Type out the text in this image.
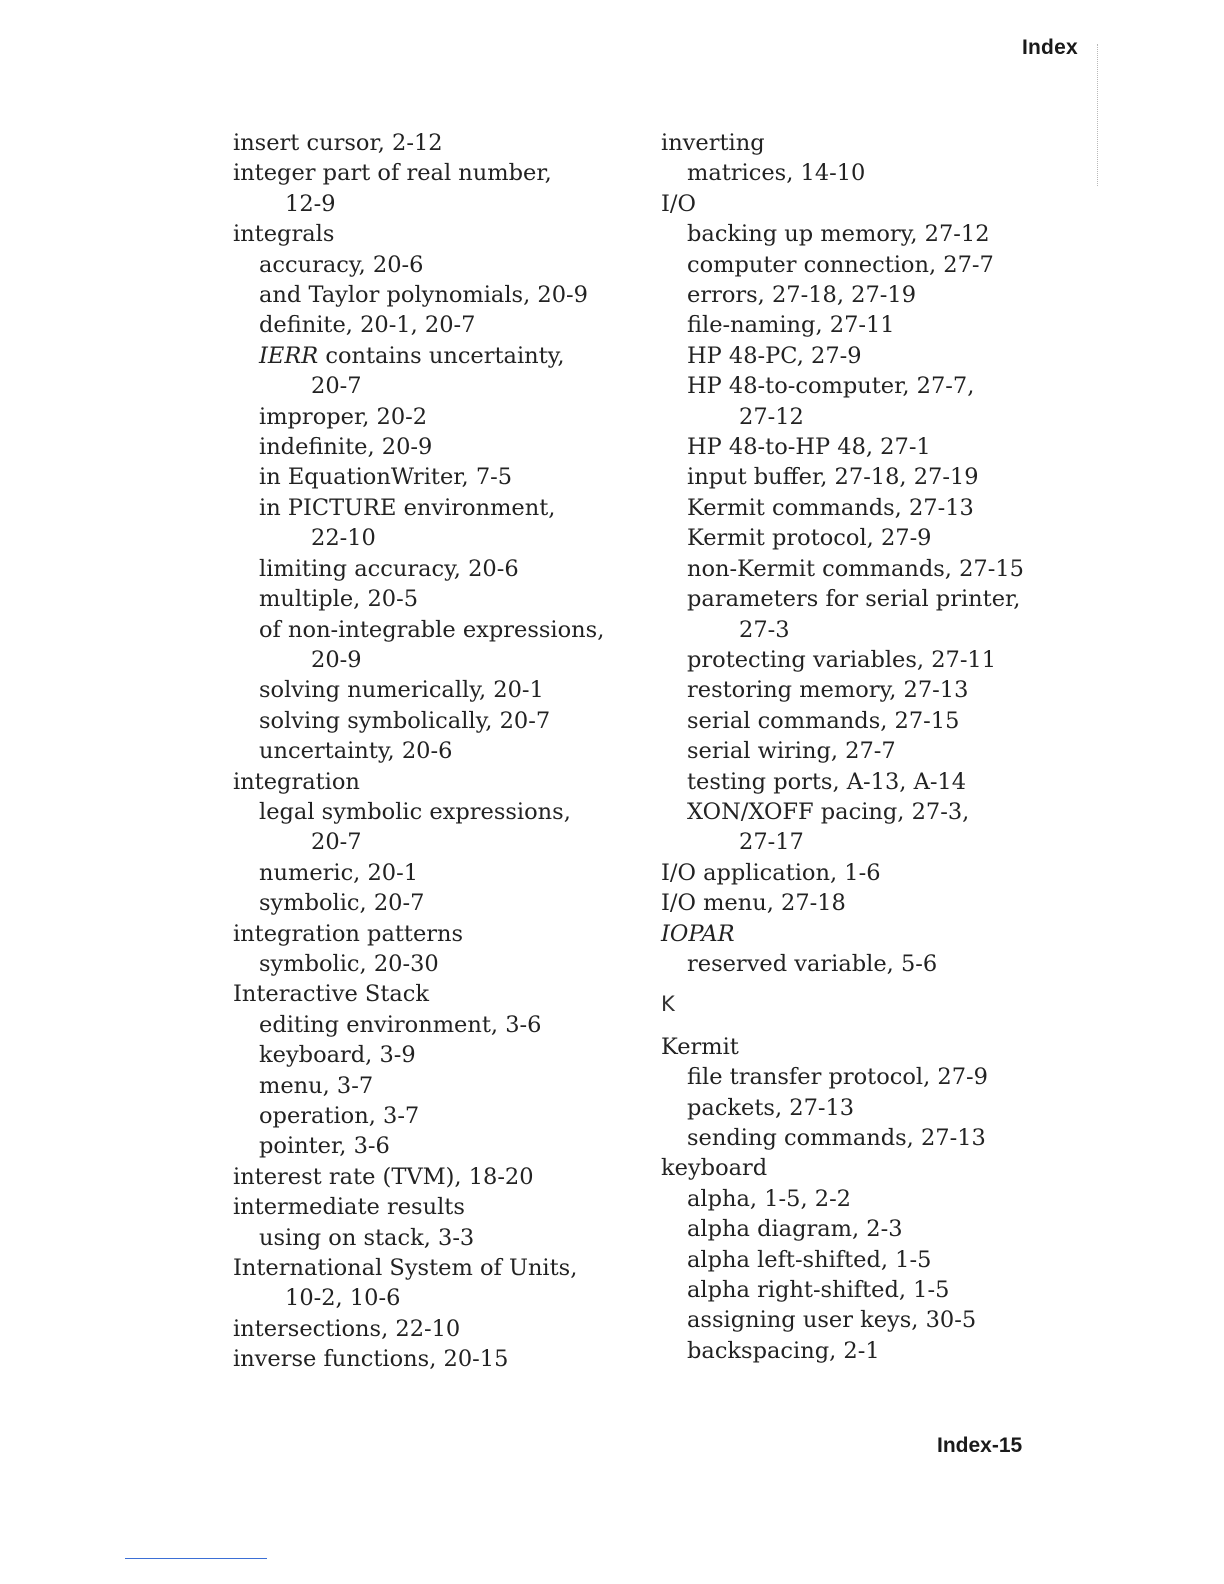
Index
insert cursor, 2-12
integer part of real number,
12-9
integrals
accuracy, 20-6
and Taylor polynomials, 20-9
definite, 20-1, 20-7
IERR contains uncertainty,
20-7
improper, 20-2
indefinite, 20-9
in EquationWriter, 7-5
in PICTURE environment,
22-10
limiting accuracy, 20-6
multiple, 20-5
of non-integrable expressions,
20-9
solving numerically, 20-1
solving symbolically, 20-7
uncertainty, 20-6
integration
legal symbolic expressions,
20-7
numeric, 20-1
symbolic, 20-7
integration patterns
symbolic, 20-30
Interactive Stack
editing environment, 3-6
keyboard, 3-9
menu, 3-7
operation, 3-7
pointer, 3-6
interest rate (TVM), 18-20
intermediate results
using on stack, 3-3
International System of Units,
10-2, 10-6
intersections, 22-10
inverse functions, 20-15
inverting
matrices, 14-10
I/O
backing up memory, 27-12
computer connection, 27-7
errors, 27-18, 27-19
file-naming, 27-11
HP 48-PC, 27-9
HP 48-to-computer, 27-7,
27-12
HP 48-to-HP 48, 27-1
input buffer, 27-18, 27-19
Kermit commands, 27-13
Kermit protocol, 27-9
non-Kermit commands, 27-15
parameters for serial printer,
27-3
protecting variables, 27-11
restoring memory, 27-13
serial commands, 27-15
serial wiring, 27-7
testing ports, A-13, A-14
XON/XOFF pacing, 27-3,
27-17
I/O application, 1-6
I/O menu, 27-18
IOPAR
reserved variable, 5-6
K
Kermit
file transfer protocol, 27-9
packets, 27-13
sending commands, 27-13
keyboard
alpha, 1-5, 2-2
alpha diagram, 2-3
alpha left-shifted, 1-5
alpha right-shifted, 1-5
assigning user keys, 30-5
backspacing, 2-1
Index-15
